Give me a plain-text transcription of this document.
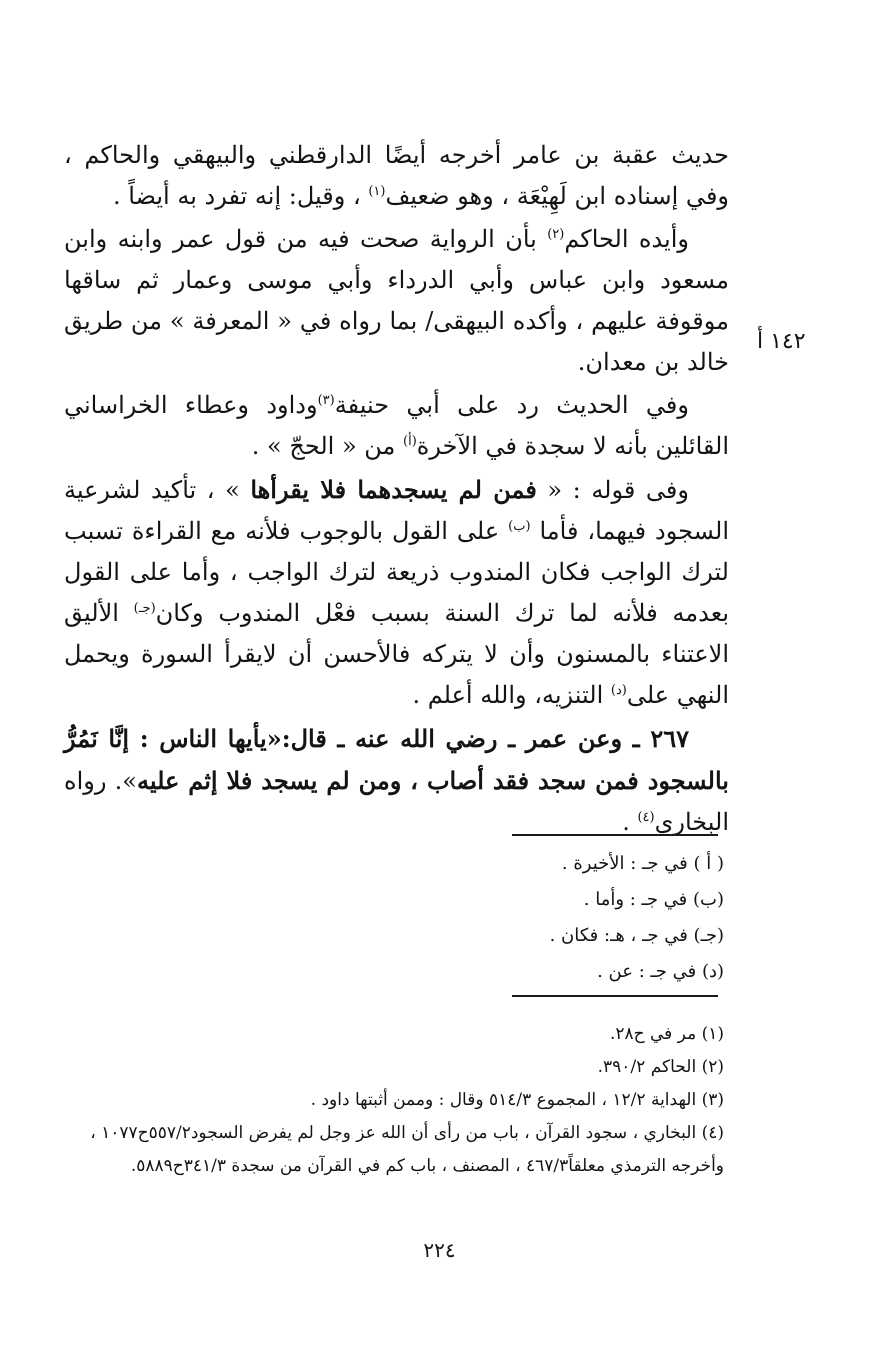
حديث عقبة بن عامر أخرجه أيضًا الدارقطني والبيهقي والحاكم ، وفي إسناده ابن لَهِيْعَة ، وهو ضعيف$^{(١)}$ ، وقيل: إنه تفرد به أيضاً .

وأيده الحاكم$^{(٢)}$ بأن الرواية صحت فيه من قول عمر وابنه وابن مسعود وابن عباس وأبي الدرداء وأبي موسى وعمار ثم ساقها موقوفة عليهم ، وأكده البيهقى/ بما رواه في « المعرفة » من طريق خالد بن معدان.

وفي الحديث رد على أبي حنيفة$^{(٣)}$وداود وعطاء الخراساني القائلين بأنه لا سجدة في الآخرة$^{(أ)}$ من « الحجّ » .

وفى قوله : « فمن لم يسجدهما فلا يقرأها » ، تأكيد لشرعية السجود فيهما، فأما $^{(ب)}$ على القول بالوجوب فلأنه مع القراءة تسبب لترك الواجب فكان المندوب ذريعة لترك الواجب ، وأما على القول بعدمه فلأنه لما ترك السنة بسبب فعْل المندوب وكان$^{(جـ)}$ الأليق الاعتناء بالمسنون وأن لا يتركه فالأحسن أن لايقرأ السورة ويحمل النهي على$^{(د)}$ التنزيه، والله أعلم .

٢٦٧ ـ وعن عمر ـ رضي الله عنه ـ قال:«يأيها الناس : إنَّا نَمُرُّ بالسجود فمن سجد فقد أصاب ، ومن لم يسجد فلا إثم عليه». رواه البخاري$^{(٤)}$ .

١٤٢ أ
( أ ) في جـ : الأخيرة .
(ب) في جـ : وأما .
(جـ) في جـ ، هـ: فكان .
(د) في جـ : عن .
(١) مر في ح٢٨.
(٢) الحاكم ٣٩٠/٢.
(٣) الهداية ١٢/٢ ، المجموع ٥١٤/٣ وقال : وممن أثبتها داود .
(٤) البخاري ، سجود القرآن ، باب من رأى أن الله عز وجل لم يفرض السجود٥٥٧/٢ح١٠٧٧ ،
وأخرجه الترمذي معلقاً٤٦٧/٣ ، المصنف ، باب كم في القرآن من سجدة ٣٤١/٣ح٥٨٨٩.
٢٢٤
